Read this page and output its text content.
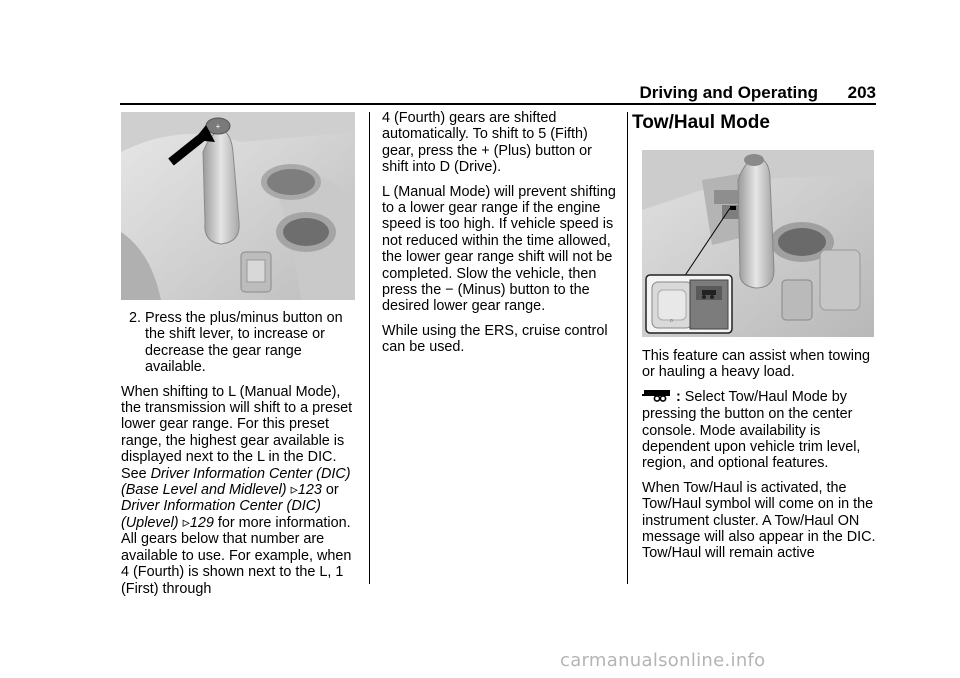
Driving and Operating 203
+
2. Press the plus/minus button on the shift lever, to increase or decrease the gear range available.
When shifting to L (Manual Mode), the transmission will shift to a preset lower gear range. For this preset range, the highest gear available is displayed next to the L in the DIC. See Driver Information Center (DIC) (Base Level and Midlevel) ▹123 or Driver Information Center (DIC) (Uplevel) ▹129 for more information. All gears below that number are available to use. For example, when 4 (Fourth) is shown next to the L, 1 (First) through
4 (Fourth) gears are shifted automatically. To shift to 5 (Fifth) gear, press the + (Plus) button or shift into D (Drive).
L (Manual Mode) will prevent shifting to a lower gear range if the engine speed is too high. If vehicle speed is not reduced within the time allowed, the lower gear range shift will not be completed. Slow the vehicle, then press the − (Minus) button to the desired lower gear range.
While using the ERS, cruise control can be used.
Tow/Haul Mode
o
This feature can assist when towing or hauling a heavy load.
: Select Tow/Haul Mode by pressing the button on the center console. Mode availability is dependent upon vehicle trim level, region, and optional features.
When Tow/Haul is activated, the Tow/Haul symbol will come on in the instrument cluster. A Tow/Haul ON message will also appear in the DIC. Tow/Haul will remain active
carmanualsonline.info
